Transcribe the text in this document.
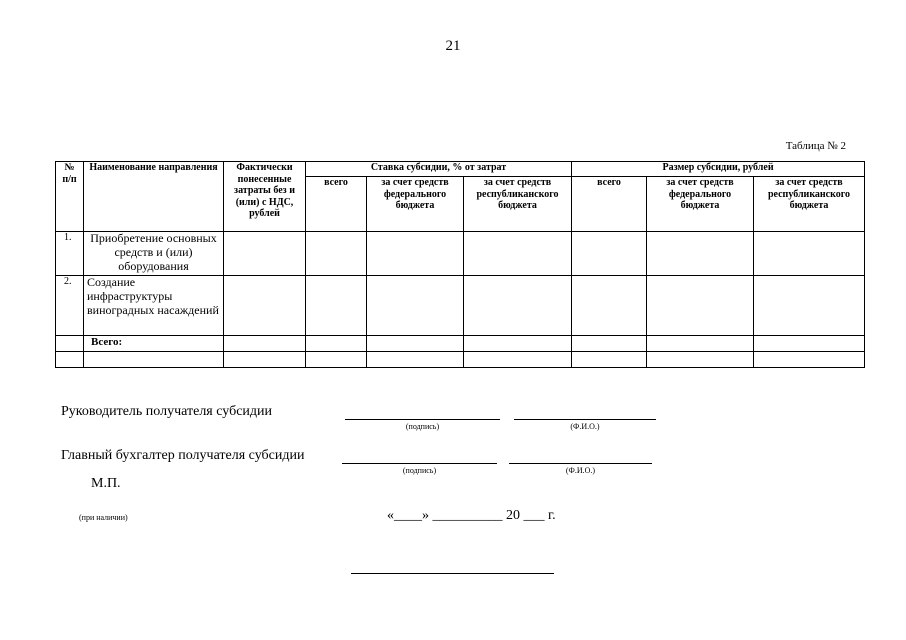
21
Таблица № 2
№ п/п	Наименование направления	Фактически понесенные затраты без и (или) с НДС, рублей	Ставка субсидии, % от затрат			Размер субсидии, рублей		
			всего	за счет средств федерального бюджета	за счет средств республиканского бюджета	всего	за счет средств федерального бюджета	за счет средств республиканского бюджета
1.	Приобретение основных средств и (или) оборудования							
2.	Создание инфраструктуры виноградных насаждений							
	Всего:							

Руководитель получателя субсидии
(подпись)	(Ф.И.О.)
Главный бухгалтер получателя субсидии
(подпись)	(Ф.И.О.)
М.П.
(при наличии)	«____» __________ 20 ___ г.
